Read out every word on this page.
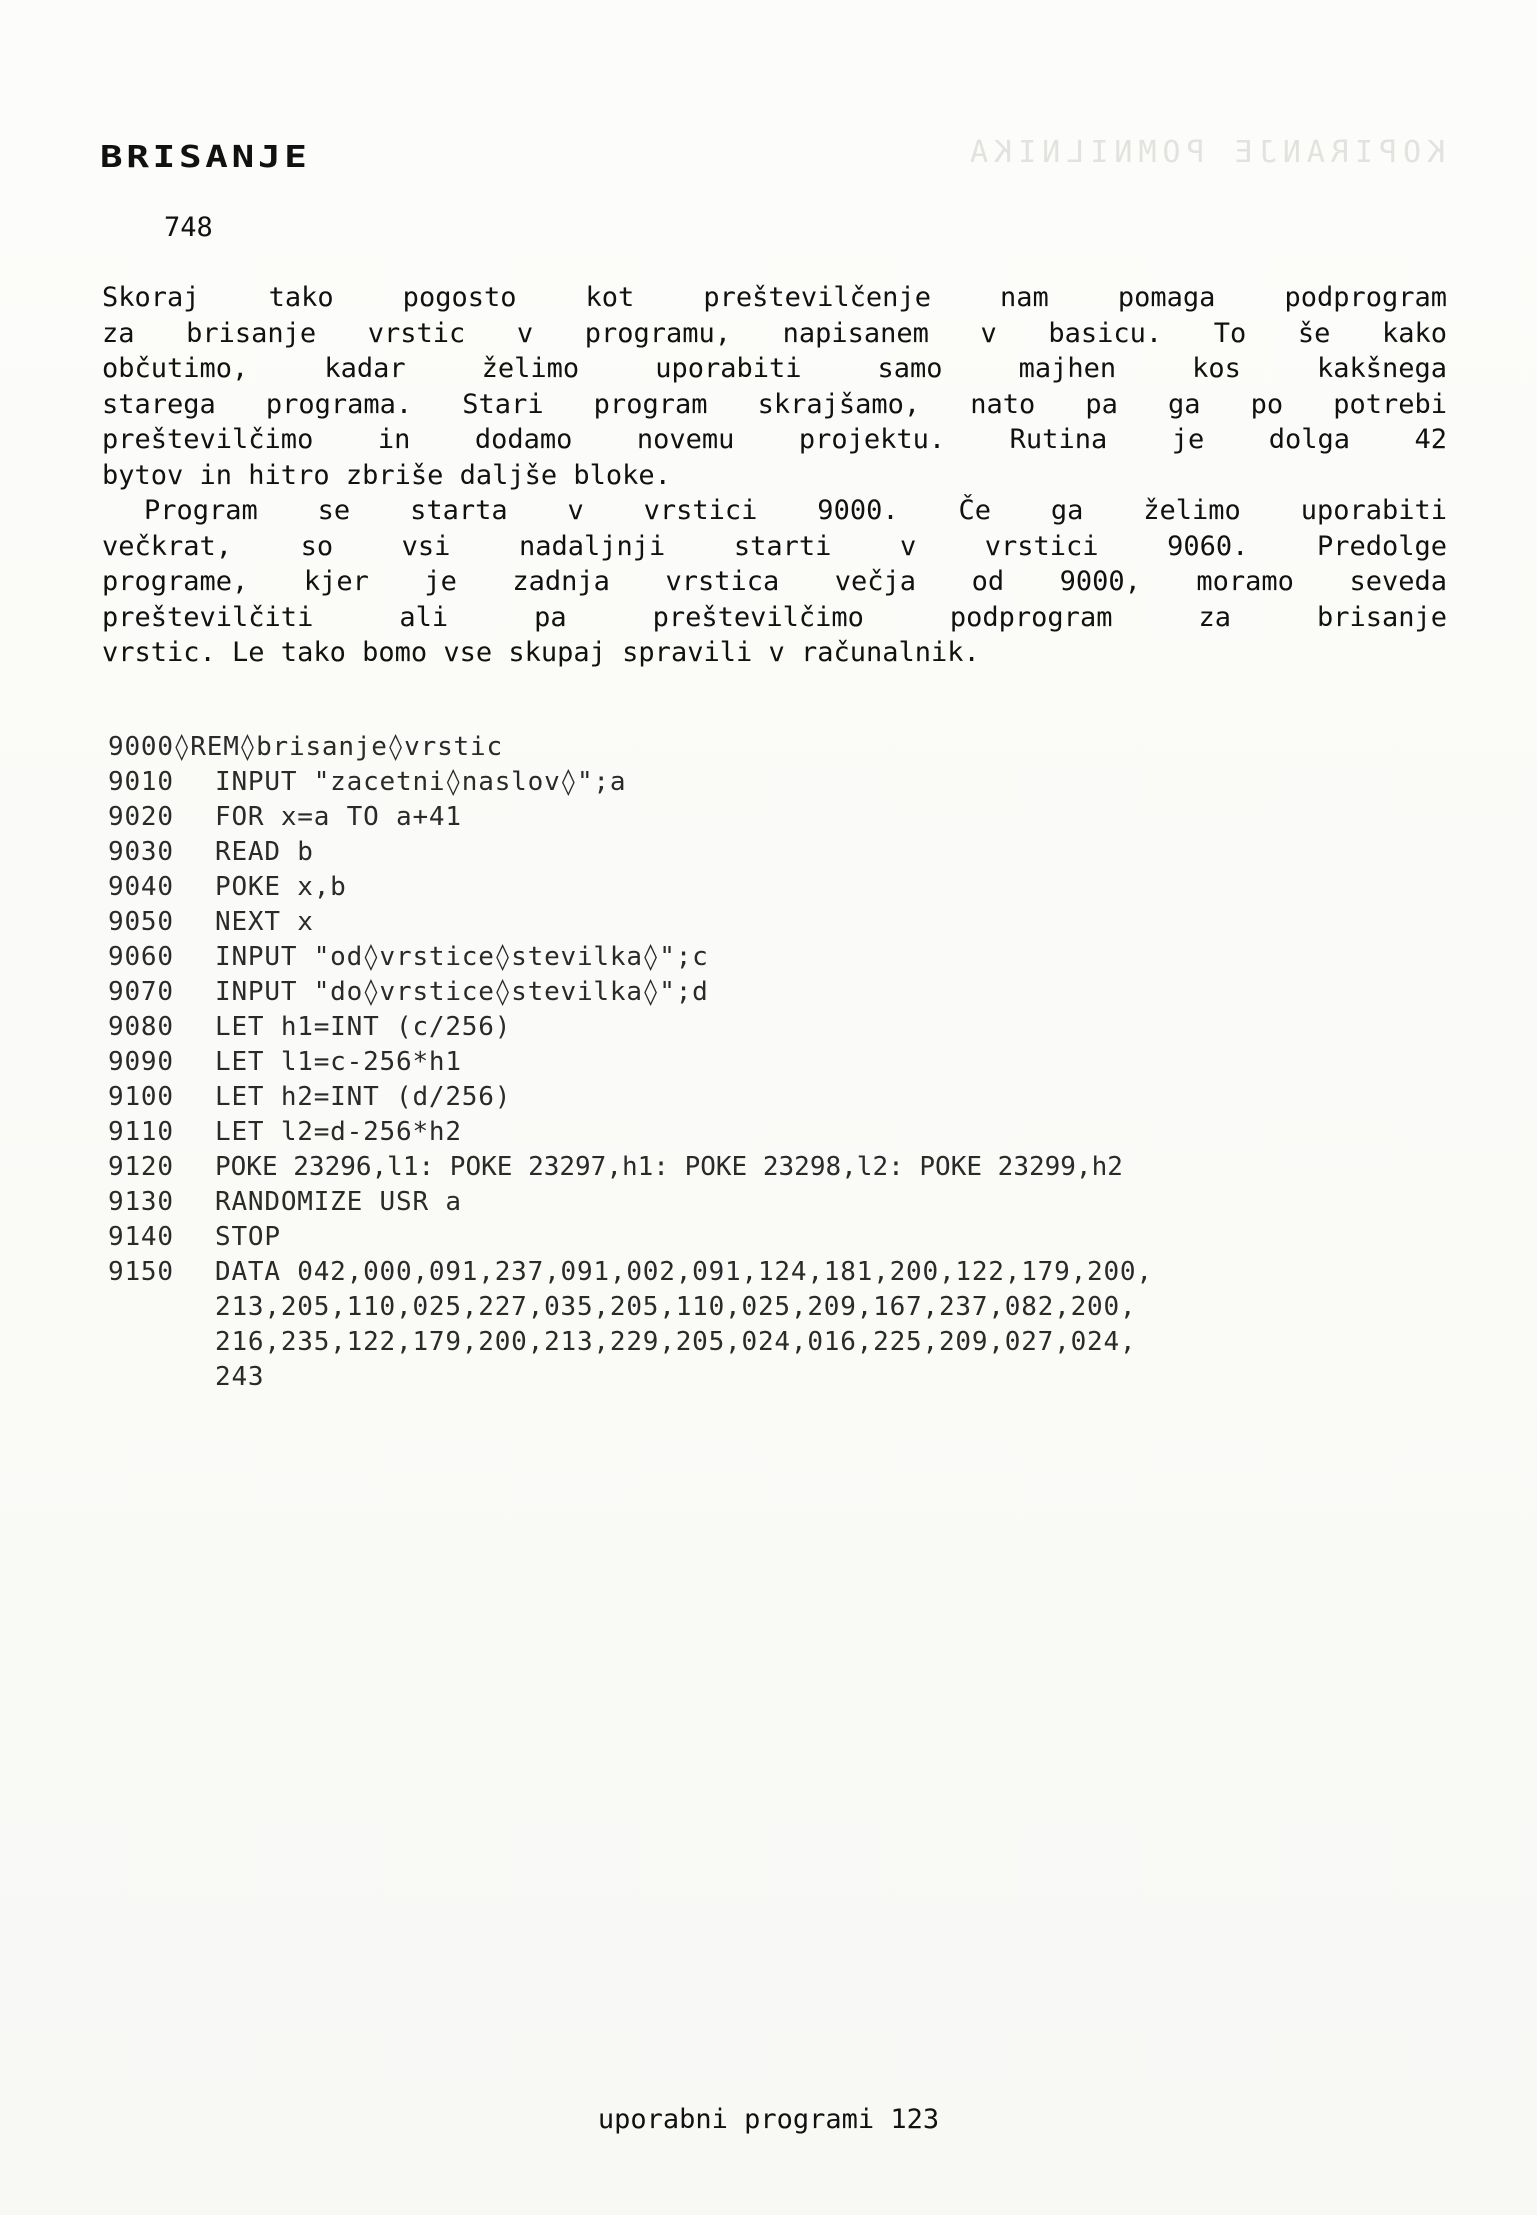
KOPIRANJE POMNILNIKA
BRISANJE
748

Skoraj tako pogosto kot preštevilčenje nam pomaga podprogram

za brisanje vrstic v programu, napisanem v basicu. To še kako

občutimo, kadar želimo uporabiti samo majhen kos kakšnega

starega programa. Stari program skrajšamo, nato pa ga po potrebi

preštevilčimo in dodamo novemu projektu. Rutina je dolga 42

bytov in hitro zbriše daljše bloke.

Program se starta v vrstici 9000. Če ga želimo uporabiti

večkrat, so vsi nadaljnji starti v vrstici 9060. Predolge

programe, kjer je zadnja vrstica večja od 9000, moramo seveda

preštevilčiti ali pa preštevilčimo podprogram za brisanje

vrstic. Le tako bomo vse skupaj spravili v računalnik.

9000 ◊REM◊brisanje◊vrstic
9010	INPUT "zacetni◊naslov◊";a
9020	FOR x=a TO a+41
9030	READ b
9040	POKE x,b
9050	NEXT x
9060	INPUT "od◊vrstice◊stevilka◊";c
9070	INPUT "do◊vrstice◊stevilka◊";d
9080	LET h1=INT (c/256)
9090	LET l1=c-256*h1
9100	LET h2=INT (d/256)
9110	LET l2=d-256*h2
9120	POKE 23296,l1: POKE 23297,h1: POKE 23298,l2: POKE 23299,h2
9130	RANDOMIZE USR a
9140	STOP
9150	DATA 042,000,091,237,091,002,091,124,181,200,122,179,200,
213,205,110,025,227,035,205,110,025,209,167,237,082,200,
216,235,122,179,200,213,229,205,024,016,225,209,027,024,
243
uporabni programi 123
